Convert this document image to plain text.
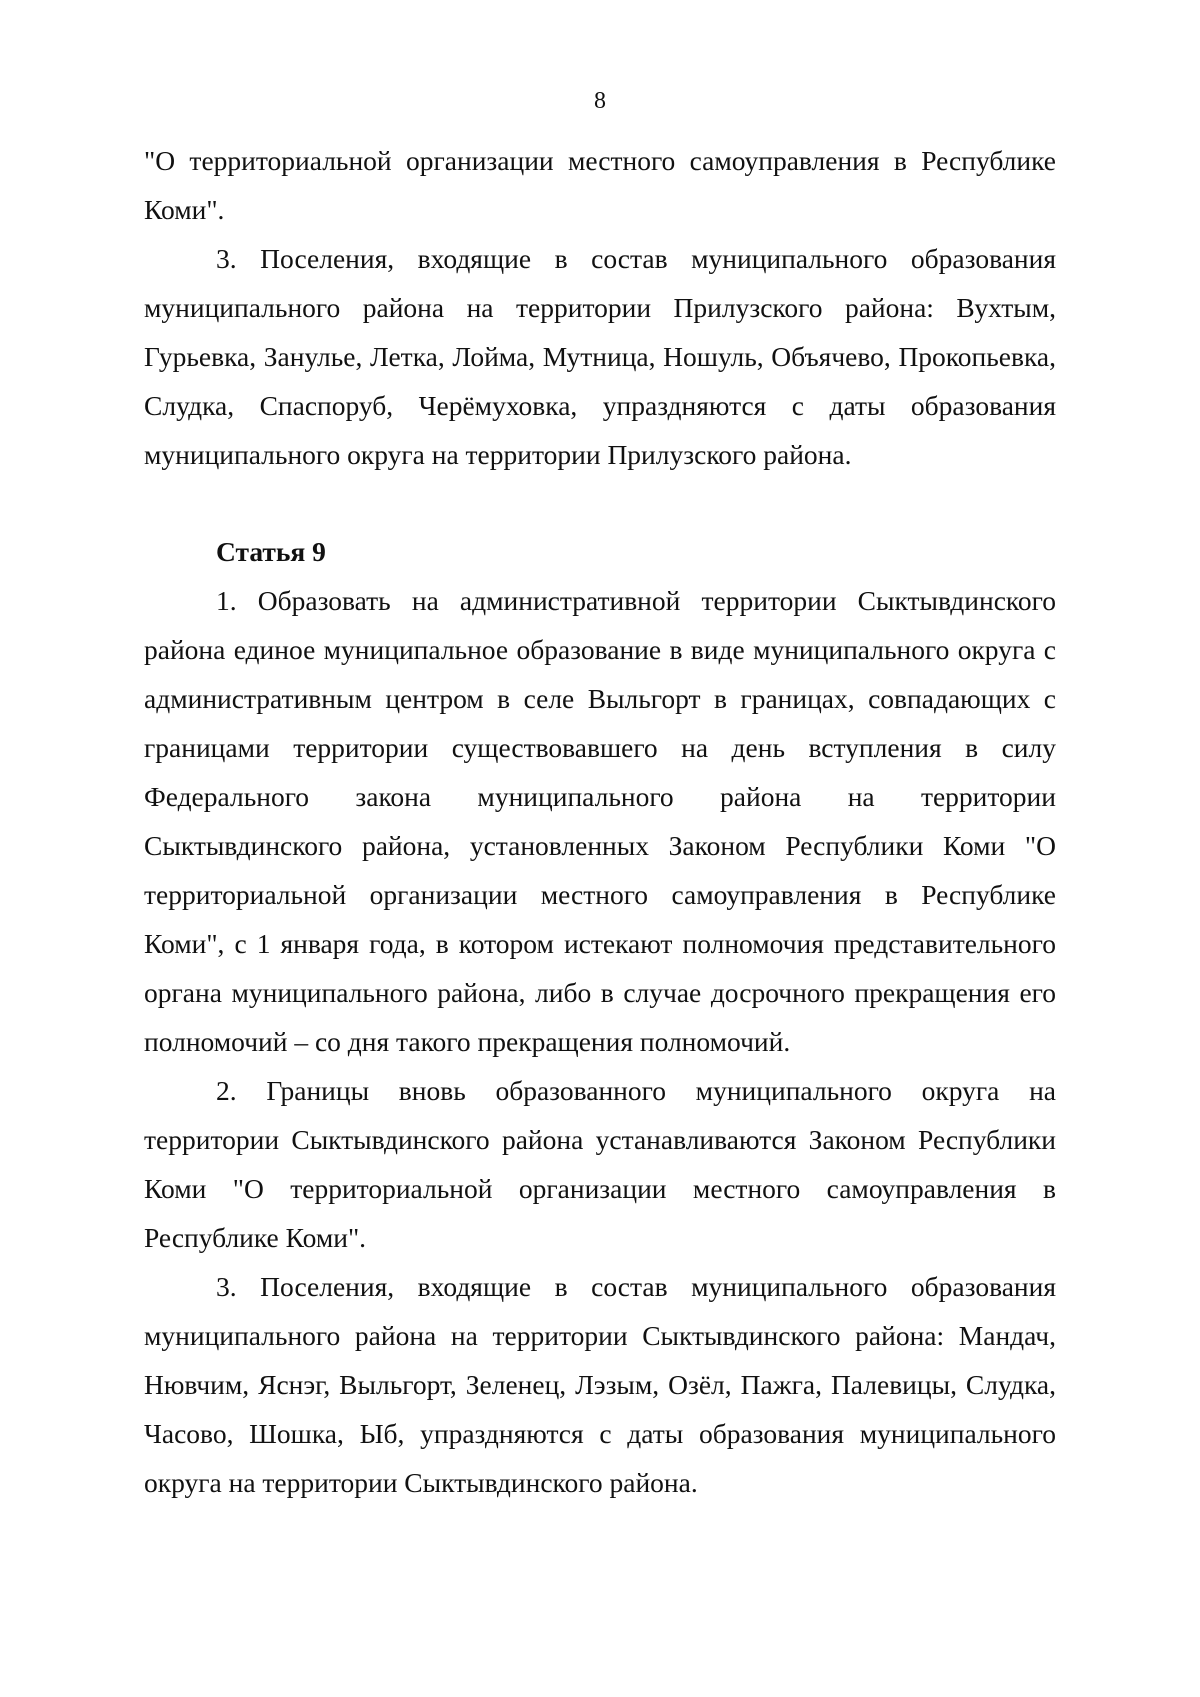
8

"О территориальной организации местного самоуправления в Республике Коми".

3. Поселения, входящие в состав муниципального образования муниципального района на территории Прилузского района: Вухтым, Гурьевка, Занулье, Летка, Лойма, Мутница, Ношуль, Объячево, Прокопьевка, Слудка, Спаспоруб, Черёмуховка, упраздняются с даты образования муниципального округа на территории Прилузского района.

Статья 9

1. Образовать на административной территории Сыктывдинского района единое муниципальное образование в виде муниципального округа с административным центром в селе Выльгорт в границах, совпадающих с границами территории существовавшего на день вступления в силу Федерального закона муниципального района на территории Сыктывдинского района, установленных Законом Республики Коми "О территориальной организации местного самоуправления в Республике Коми", с 1 января года, в котором истекают полномочия представительного органа муниципального района, либо в случае досрочного прекращения его полномочий – со дня такого прекращения полномочий.

2. Границы вновь образованного муниципального округа на территории Сыктывдинского района устанавливаются Законом Республики Коми "О территориальной организации местного самоуправления в Республике Коми".

3. Поселения, входящие в состав муниципального образования муниципального района на территории Сыктывдинского района: Мандач, Нювчим, Яснэг, Выльгорт, Зеленец, Лэзым, Озёл, Пажга, Палевицы, Слудка, Часово, Шошка, Ыб, упраздняются с даты образования муниципального округа на территории Сыктывдинского района.
